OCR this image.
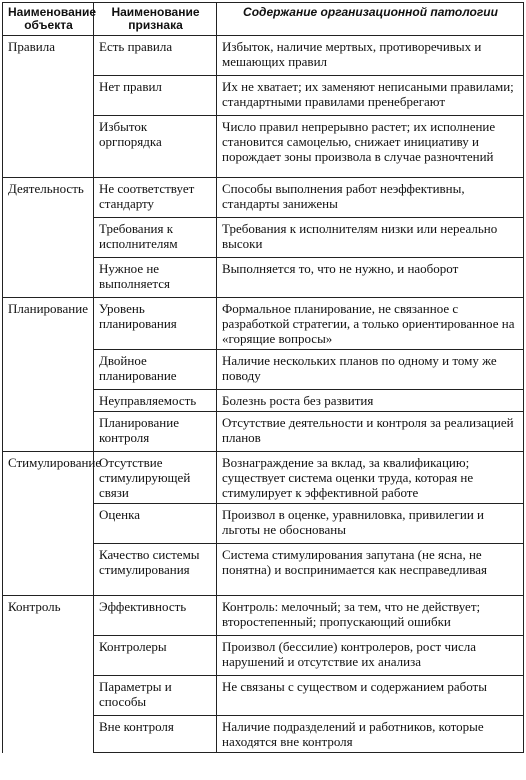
Наименование объекта	Наименование признака	Содержание организационной патологии
Правила	Есть правила	Избыток, наличие мертвых, противоречивых и мешающих правил
	Нет правил	Их не хватает; их заменяют неписаными правилами; стандартными правилами пренебрегают
	Избыток оргпорядка	Число правил непрерывно растет; их исполнение становится самоцелью, снижает инициативу и порождает зоны произвола в случае разночтений
Деятельность	Не соответствует стандарту	Способы выполнения работ неэффективны, стандарты занижены
	Требования к исполнителям	Требования к исполнителям низки или нереально высоки
	Нужное не выполняется	Выполняется то, что не нужно, и наоборот
Планирование	Уровень планирования	Формальное планирование, не связанное с разработкой стратегии, а только ориентированное на «горящие вопросы»
	Двойное планирование	Наличие нескольких планов по одному и тому же поводу
	Неуправляемость	Болезнь роста без развития
	Планирование контроля	Отсутствие деятельности и контроля за реализацией планов
Стимулирование	Отсутствие стимулирующей связи	Вознаграждение за вклад, за квалификацию; существует система оценки труда, которая не стимулирует к эффективной работе
	Оценка	Произвол в оценке, уравниловка, привилегии и льготы не обоснованы
	Качество системы стимулирования	Система стимулирования запутана (не ясна, не понятна) и воспринимается как несправедливая
Контроль	Эффективность	Контроль: мелочный; за тем, что не действует; второстепенный; пропускающий ошибки
	Контролеры	Произвол (бессилие) контролеров, рост числа нарушений и отсутствие их анализа
	Параметры и способы	Не связаны с существом и содержанием работы
	Вне контроля	Наличие подразделений и работников, которые находятся вне контроля
